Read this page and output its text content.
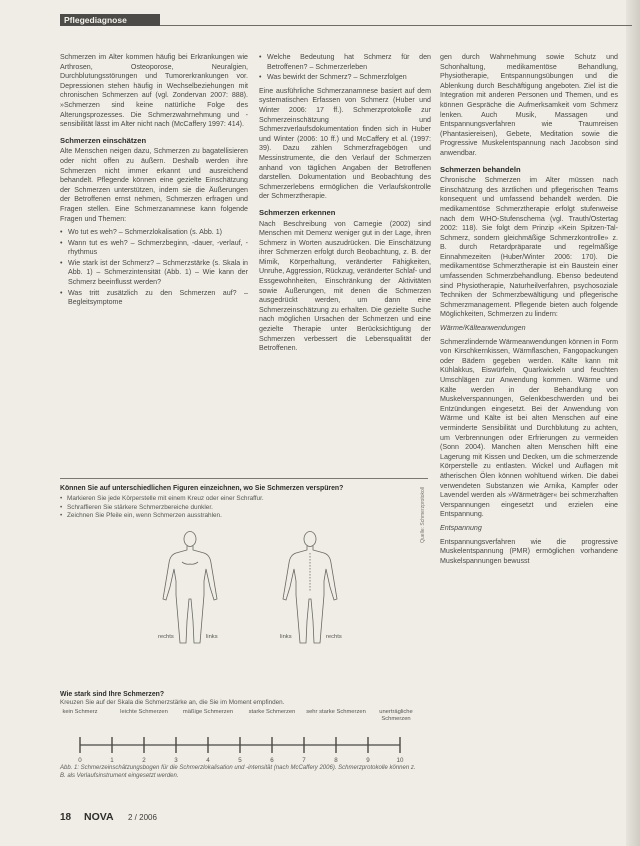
Pflegediagnose

Schmerzen im Alter kommen häufig bei Erkrankungen wie Arthrosen, Osteoporose, Neuralgien, Durchblutungsstörungen und Tumorerkrankungen vor. Depressionen stehen häufig in Wechselbeziehungen mit chronischen Schmerzen auf (vgl. Zondervan 2007: 888). »Schmerzen sind keine natürliche Folge des Alterungsprozesses. Die Schmerzwahrnehmung und -sensibilität lässt im Alter nicht nach (McCaffery 1997: 414).

Schmerzen einschätzen

Alte Menschen neigen dazu, Schmerzen zu bagatellisieren oder nicht offen zu äußern. Deshalb werden ihre Schmerzen nicht immer erkannt und ausreichend behandelt. Pflegende können eine gezielte Einschätzung der Schmerzen unterstützen, indem sie die Äußerungen der Betroffenen ernst nehmen, Schmerzen erfragen und Fragen stellen. Eine Schmerzanamnese kann folgende Fragen und Themen:

• Wo tut es weh? – Schmerzlokalisation (s. Abb. 1)
• Wann tut es weh? – Schmerzbeginn, -dauer, -verlauf, -rhythmus
• Wie stark ist der Schmerz? – Schmerzstärke (s. Skala in Abb. 1) – Schmerzintensität (Abb. 1) – Wie kann der Schmerz beeinflusst werden?
• Was tritt zusätzlich zu den Schmerzen auf? – Begleitsymptome
• Welche Bedeutung hat Schmerz für den Betroffenen? – Schmerzerleben
• Was bewirkt der Schmerz? – Schmerzfolgen

Eine ausführliche Schmerzanamnese basiert auf dem systematischen Erfassen von Schmerz (Huber und Winter 2006: 17 ff.). Schmerzprotokolle zur Schmerzeinschätzung und Schmerzverlaufsdokumentation finden sich in Huber und Winter (2006: 10 ff.) und McCaffery et al. (1997: 39). Dazu zählen Schmerzfragebögen und Messinstrumente, die den Verlauf der Schmerzen anhand von täglichen Angaben der Betroffenen darstellen. Dokumentation und Beobachtung des Schmerzerlebens ermöglichen die Verlaufskontrolle der Schmerztherapie.

Schmerzen erkennen

Nach Beschreibung von Carnegie (2002) sind Menschen mit Demenz weniger gut in der Lage, ihren Schmerz in Worten auszudrücken. Die Einschätzung ihrer Schmerzen erfolgt durch Beobachtung, z. B. der Mimik, Körperhaltung, veränderter Fähigkeiten, Unruhe, Aggression, Rückzug, veränderter Schlaf- und Essgewohnheiten, Einschränkung der Aktivitäten sowie Äußerungen, mit denen die Schmerzen ausgedrückt werden, um dann eine Schmerzeinschätzung zu erhalten. Die gezielte Suche nach möglichen Ursachen der Schmerzen und eine gezielte Therapie unter Berücksichtigung der Schmerzen verbessert die Lebensqualität der Betroffenen.

gen durch Wahrnehmung sowie Schutz und Schonhaltung, medikamentöse Behandlung, Physiotherapie, Entspannungsübungen und die Ablenkung durch Beschäftigung angeboten. Ziel ist die Integration mit anderen Personen und Themen, und es können Gespräche die Aufmerksamkeit vom Schmerz lenken. Auch Musik, Massagen und Entspannungsverfahren wie Traumreisen (Phantasiereisen), Gebete, Meditation sowie die Progressive Muskelentspannung nach Jacobson sind anwendbar.

Schmerzen behandeln

Chronische Schmerzen im Alter müssen nach Einschätzung des ärztlichen und pflegerischen Teams konsequent und umfassend behandelt werden. Die medikamentöse Schmerztherapie erfolgt stufenweise nach dem WHO-Stufenschema (vgl. Trauth/Ostertag 2002: 118). Sie folgt dem Prinzip «Kein Spitzen-Tal-Schmerz, sondern gleichmäßige Schmerzkontrolle» z. B. durch Retardpräparate und regelmäßige Einnahmezeiten (Huber/Winter 2006: 170). Die medikamentöse Schmerztherapie ist ein Baustein einer umfassenden Schmerzbehandlung. Ebenso bedeutend sind Physiotherapie, Naturheilverfahren, psychosoziale Techniken der Schmerzbewältigung und pflegerische Schmerzmanagement. Pflegende bieten auch folgende Möglichkeiten, Schmerzen zu lindern:

Wärme/Kälteanwendungen

Schmerzlindernde Wärmeanwendungen können in Form von Kirschkernkissen, Wärmflaschen, Fangopackungen oder Bädern gegeben werden. Kälte kann mit Kühlakkus, Eiswürfeln, Quarkwickeln und feuchten Umschlägen zur Anwendung kommen. Wärme und Kälte werden in der Behandlung von Muskelverspannungen, Gelenkbeschwerden und bei Entzündungen eingesetzt. Bei der Anwendung von Wärme und Kälte ist bei alten Menschen auf eine verminderte Sensibilität und Durchblutung zu achten, um Verbrennungen oder Erfrierungen zu vermeiden (Sonn 2004). Manchen alten Menschen hilft eine Lagerung mit Kissen und Decken, um die schmerzende Körperstelle zu entlasten. Wickel und Auflagen mit ätherischen Ölen können wohltuend wirken. Die dabei verwendeten Substanzen wie Arnika, Kampfer oder Lavendel werden als »Wärmeträger« bei schmerzhaften Verspannungen eingesetzt und erzielen eine Entspannung.

Entspannung

Entspannungsverfahren wie die progressive Muskelentspannung (PMR) ermöglichen vorhandene Muskelspannungen bewusst

Können Sie auf unterschiedlichen Figuren einzeichnen, wo Sie Schmerzen verspüren?
• Markieren Sie jede Körperstelle mit einem Kreuz oder einer Schraffur.
• Schraffieren Sie stärkere Schmerzbereiche dunkler.
• Zeichnen Sie Pfeile ein, wenn Schmerzen ausstrahlen.	Quelle: Schmerzprotokoll
rechts	links	links	rechts
Wie stark sind Ihre Schmerzen?
Kreuzen Sie auf der Skala die Schmerzstärke an, die Sie im Moment empfinden.
kein Schmerz	leichte Schmerzen	mäßige Schmerzen	starke Schmerzen	sehr starke Schmerzen	unerträgliche Schmerzen
0	1	2	3	4	5	6	7	8	9	10
Abb. 1: Schmerzeinschätzungsbogen für die Schmerzlokalisation und -intensität (nach McCaffery 2006). Schmerzprotokolle können z. B. als Verlaufsinstrument eingesetzt werden.
18 NOVA 2 / 2006
